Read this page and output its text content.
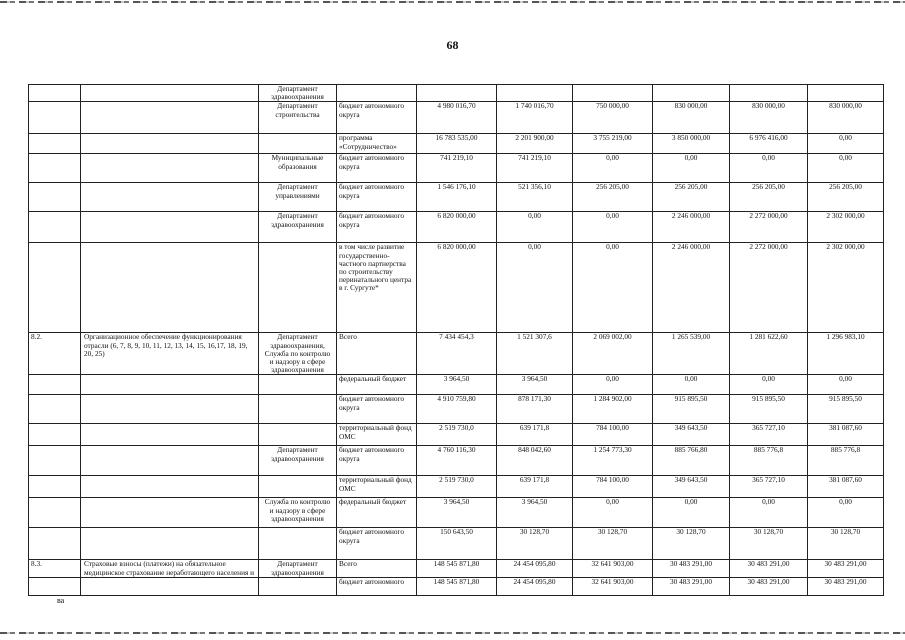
68
		Департамент здравоохранения							
		Департамент строительства	бюджет автономного округа	4 980 016,70	1 740 016,70	750 000,00	830 000,00	830 000,00	830 000,00
			программа «Сотрудничество»	16 783 535,00	2 201 900,00	3 755 219,00	3 850 000,00	6 976 416,00	0,00
		Муниципальные образования	бюджет автономного округа	741 219,10	741 219,10	0,00	0,00	0,00	0,00
		Департамент управлениями	бюджет автономного округа	1 546 176,10	521 356,10	256 205,00	256 205,00	256 205,00	256 205,00
		Департамент здравоохранения	бюджет автономного округа	6 820 000,00	0,00	0,00	2 246 000,00	2 272 000,00	2 302 000,00
			в том числе развитие государственно-частного партнерства по строительству перинатального центра в г. Сургуте*	6 820 000,00	0,00	0,00	2 246 000,00	2 272 000,00	2 302 000,00
8.2.	Организационное обеспечение функционирования отрасли (6, 7, 8, 9, 10, 11, 12, 13, 14, 15, 16,17, 18, 19, 20, 25)	Департамент здравоохранения, Служба по контролю и надзору в сфере здравоохранения	Всего	7 434 454,3	1 521 307,6	2 069 002,00	1 265 539,00	1 281 622,60	1 296 983,10
			федеральный бюджет	3 964,50	3 964,50	0,00	0,00	0,00	0,00
			бюджет автономного округа	4 910 759,80	878 171,30	1 284 902,00	915 895,50	915 895,50	915 895,50
			территориальный фонд ОМС	2 519 730,0	639 171,8	784 100,00	349 643,50	365 727,10	381 087,60
		Департамент здравоохранения	бюджет автономного округа	4 760 116,30	848 042,60	1 254 773,30	885 766,80	885 776,8	885 776,8
			территориальный фонд ОМС	2 519 730,0	639 171,8	784 100,00	349 643,50	365 727,10	381 087,60
		Служба по контролю и надзору в сфере здравоохранения	федеральный бюджет	3 964,50	3 964,50	0,00	0,00	0,00	0,00
			бюджет автономного округа	150 643,50	30 128,70	30 128,70	30 128,70	30 128,70	30 128,70
8.3.	Страховые взносы (платежи) на обязательное медицинское страхование неработающего населения и	Департамент здравоохранения	Всего	148 545 871,80	24 454 095,80	32 641 903,00	30 483 291,00	30 483 291,00	30 483 291,00
			бюджет автономного	148 545 871,80	24 454 095,80	32 641 903,00	30 483 291,00	30 483 291,00	30 483 291,00
ва
